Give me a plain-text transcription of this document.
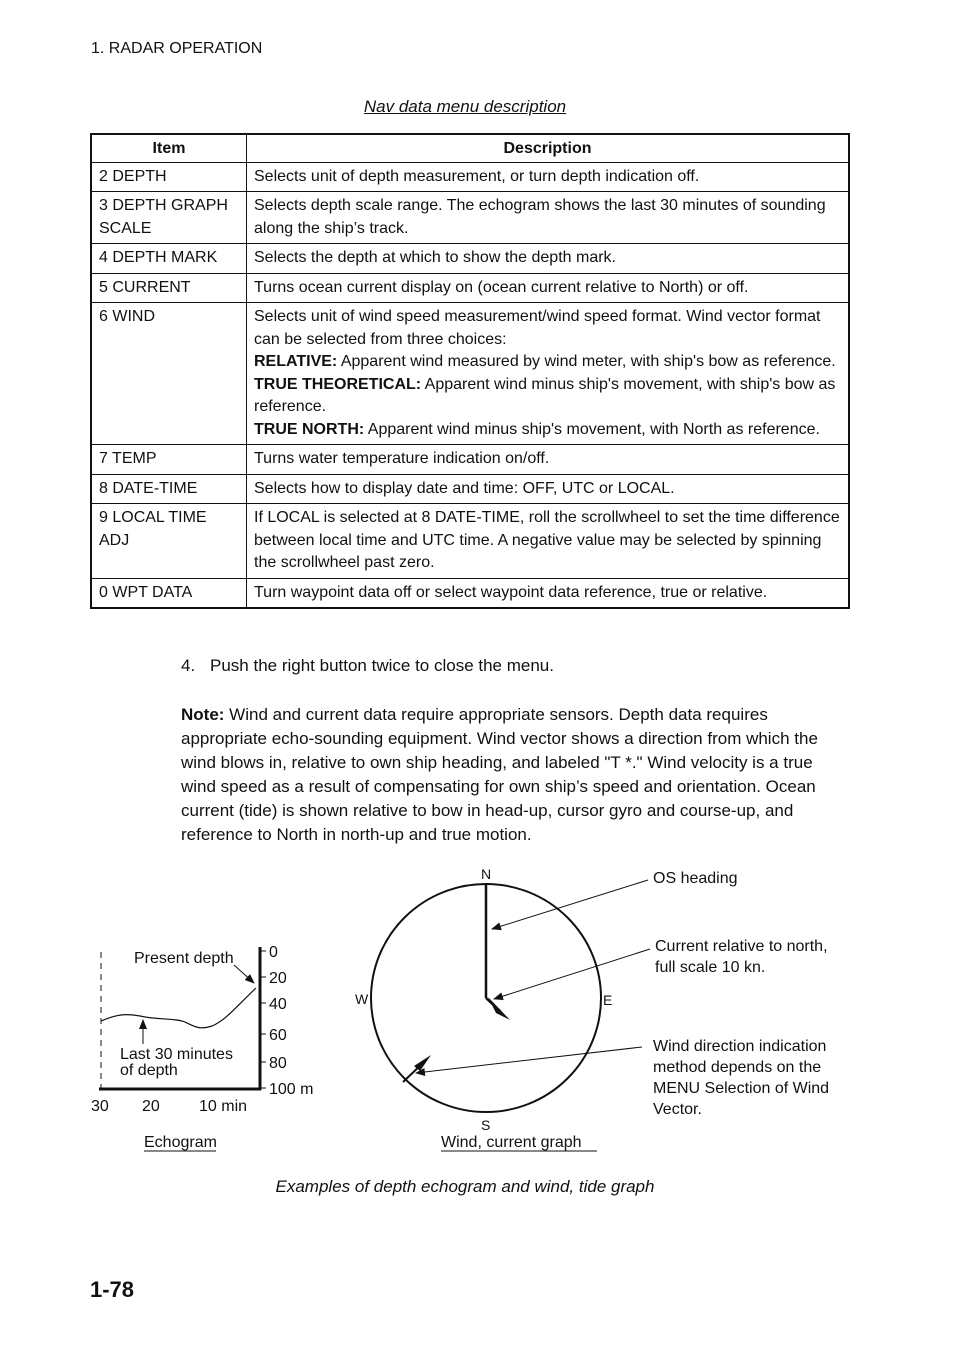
1. RADAR OPERATION
Nav data menu description
Item	Description
2 DEPTH	Selects unit of depth measurement, or turn depth indication off.

3 DEPTH GRAPH SCALE	Selects depth scale range. The echogram shows the last 30 minutes of sounding along the ship’s track.

4 DEPTH MARK	Selects the depth at which to show the depth mark.

5 CURRENT	Turns ocean current display on (ocean current relative to North) or off.

6 WIND	Selects unit of wind speed measurement/wind speed format. Wind vector format can be selected from three choices:
RELATIVE: Apparent wind measured by wind meter, with ship's bow as reference.
TRUE THEORETICAL: Apparent wind minus ship's movement, with ship's bow as reference.
TRUE NORTH: Apparent wind minus ship's movement, with North as reference.

7 TEMP	Turns water temperature indication on/off.

8 DATE-TIME	Selects how to display date and time: OFF, UTC or LOCAL.

9 LOCAL TIME ADJ	If LOCAL is selected at 8 DATE-TIME, roll the scrollwheel to set the time difference between local time and UTC time. A negative value may be selected by spinning the scrollwheel past zero.

0 WPT DATA	Turn waypoint data off or select waypoint data reference, true or relative.
4. Push the right button twice to close the menu.
Note: Wind and current data require appropriate sensors. Depth data requires appropriate echo-sounding equipment. Wind vector shows a direction from which the wind blows in, relative to own ship heading, and labeled "T *." Wind velocity is a true wind speed as a result of compensating for own ship’s speed and orientation. Ocean current (tide) is shown relative to bow in head-up, cursor gyro and course-up, and reference to North in north-up and true motion.
0
20
40
60
80
100 m
30 20 10 min
Present depth
Last 30 minutes
of depth
Echogram
N
S
E
W
OS heading
Current relative to north,
full scale 10 kn.
Wind direction indication
method depends on the
MENU Selection of Wind
Vector.
Wind, current graph
Examples of depth echogram and wind, tide graph
1-78
